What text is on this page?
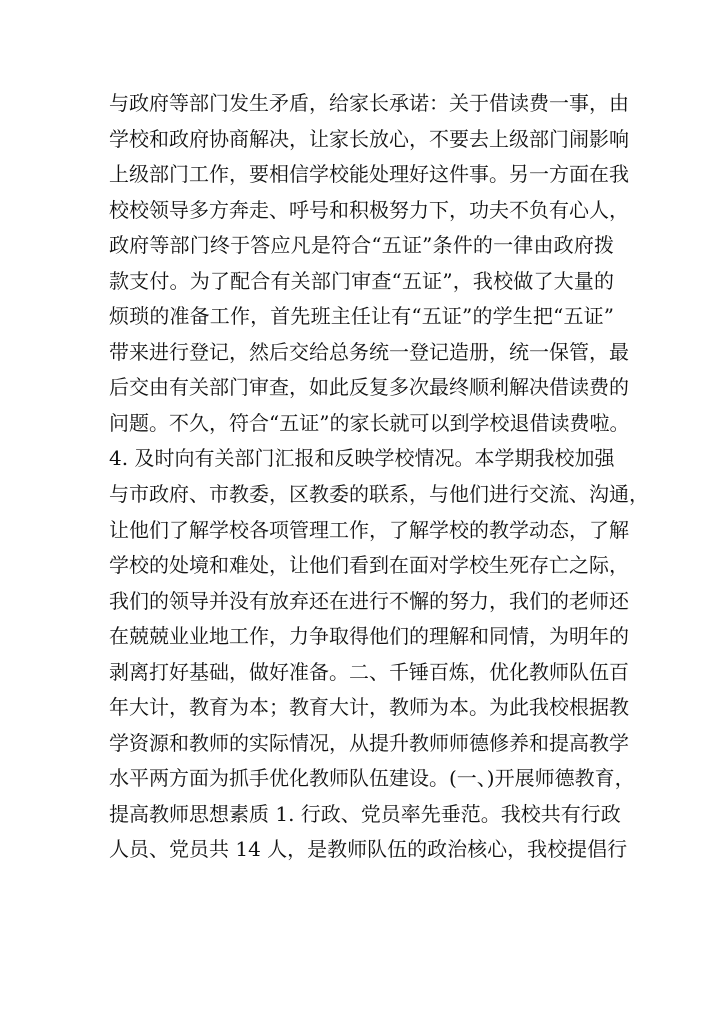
与政府等部门发生矛盾，给家长承诺：关于借读费一事，由
学校和政府协商解决，让家长放心，不要去上级部门闹影响
上级部门工作，要相信学校能处理好这件事。另一方面在我
校校领导多方奔走、呼号和积极努力下，功夫不负有心人，
政府等部门终于答应凡是符合“五证”条件的一律由政府拨
款支付。为了配合有关部门审查“五证”，我校做了大量的
烦琐的准备工作，首先班主任让有“五证”的学生把“五证”
带来进行登记，然后交给总务统一登记造册，统一保管，最
后交由有关部门审查，如此反复多次最终顺利解决借读费的
问题。不久，符合“五证”的家长就可以到学校退借读费啦。
4. 及时向有关部门汇报和反映学校情况。本学期我校加强
与市政府、市教委，区教委的联系，与他们进行交流、沟通，
让他们了解学校各项管理工作，了解学校的教学动态，了解
学校的处境和难处，让他们看到在面对学校生死存亡之际，
我们的领导并没有放弃还在进行不懈的努力，我们的老师还
在兢兢业业地工作，力争取得他们的理解和同情，为明年的
剥离打好基础，做好准备。二、千锤百炼，优化教师队伍百
年大计，教育为本；教育大计，教师为本。为此我校根据教
学资源和教师的实际情况，从提升教师师德修养和提高教学
水平两方面为抓手优化教师队伍建设。(一、)开展师德教育，
提高教师思想素质 1. 行政、党员率先垂范。我校共有行政
人员、党员共 14 人，是教师队伍的政治核心，我校提倡行
